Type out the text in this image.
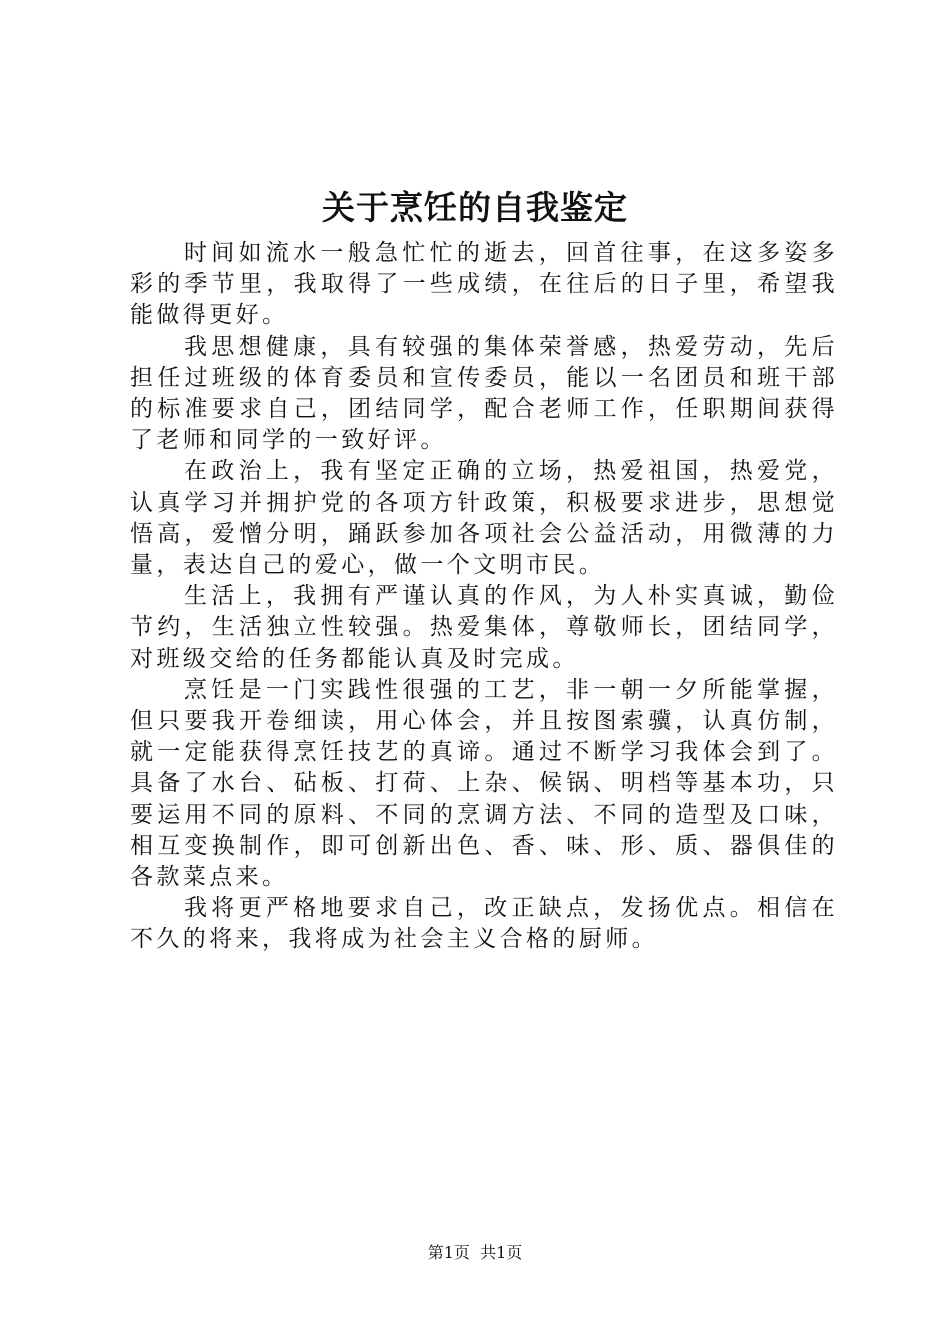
关于烹饪的自我鉴定

时间如流水一般急忙忙的逝去，回首往事，在这多姿多彩的季节里，我取得了一些成绩，在往后的日子里，希望我能做得更好。

我思想健康，具有较强的集体荣誉感，热爱劳动，先后担任过班级的体育委员和宣传委员，能以一名团员和班干部的标准要求自己，团结同学，配合老师工作，任职期间获得了老师和同学的一致好评。

在政治上，我有坚定正确的立场，热爱祖国，热爱党，认真学习并拥护党的各项方针政策，积极要求进步，思想觉悟高，爱憎分明，踊跃参加各项社会公益活动，用微薄的力量，表达自己的爱心，做一个文明市民。

生活上，我拥有严谨认真的作风，为人朴实真诚，勤俭节约，生活独立性较强。热爱集体，尊敬师长，团结同学，对班级交给的任务都能认真及时完成。

烹饪是一门实践性很强的工艺，非一朝一夕所能掌握，但只要我开卷细读，用心体会，并且按图索骥，认真仿制，就一定能获得烹饪技艺的真谛。通过不断学习我体会到了。具备了水台、砧板、打荷、上杂、候锅、明档等基本功，只要运用不同的原料、不同的烹调方法、不同的造型及口味，相互变换制作，即可创新出色、香、味、形、质、器俱佳的各款菜点来。

我将更严格地要求自己，改正缺点，发扬优点。相信在不久的将来，我将成为社会主义合格的厨师。

第1页 共1页
